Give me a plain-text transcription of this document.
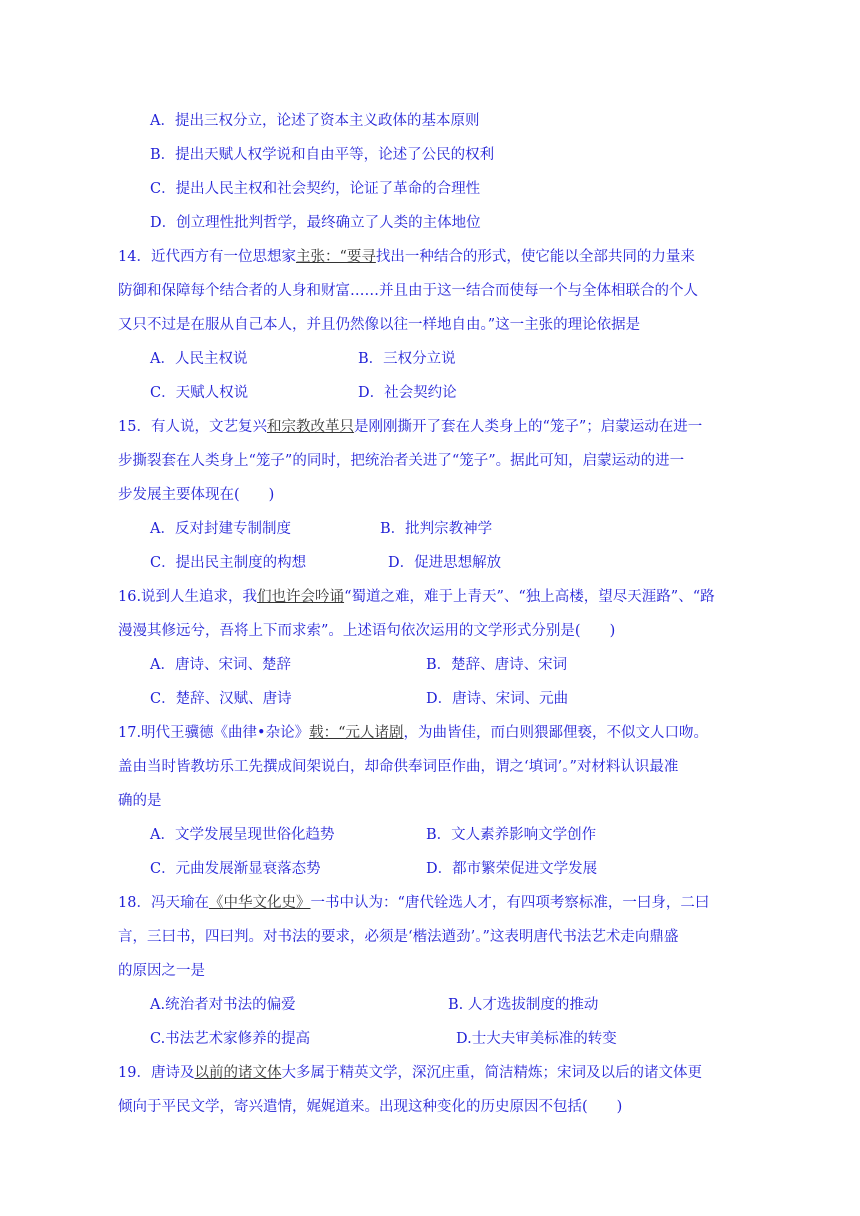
A．提出三权分立，论述了资本主义政体的基本原则
B．提出天赋人权学说和自由平等，论述了公民的权利
C．提出人民主权和社会契约，论证了革命的合理性
D．创立理性批判哲学，最终确立了人类的主体地位
14．近代西方有一位思想家主张：“要寻找出一种结合的形式，使它能以全部共同的力量来
防御和保障每个结合者的人身和财富……并且由于这一结合而使每一个与全体相联合的个人
又只不过是在服从自己本人，并且仍然像以往一样地自由。”这一主张的理论依据是
A．人民主权说	B．三权分立说
C．天赋人权说	D．社会契约论
15．有人说，文艺复兴和宗教改革只是刚刚撕开了套在人类身上的“笼子”；启蒙运动在进一
步撕裂套在人类身上“笼子”的同时，把统治者关进了“笼子”。据此可知，启蒙运动的进一
步发展主要体现在(　　)
A．反对封建专制制度	B．批判宗教神学
C．提出民主制度的构想	D．促进思想解放
16.说到人生追求，我们也许会吟诵“蜀道之难，难于上青天”、“独上高楼，望尽天涯路”、“路
漫漫其修远兮，吾将上下而求索”。上述语句依次运用的文学形式分别是(　　)
A．唐诗、宋词、楚辞	B．楚辞、唐诗、宋词
C．楚辞、汉赋、唐诗	D．唐诗、宋词、元曲
17.明代王骥德《曲律•杂论》载：“元人诸剧，为曲皆佳，而白则猥鄙俚亵，不似文人口吻。
盖由当时皆教坊乐工先撰成间架说白，却命供奉词臣作曲，谓之‘填词’。”对材料认识最准
确的是
A．文学发展呈现世俗化趋势	B．文人素养影响文学创作
C．元曲发展渐显衰落态势	D．都市繁荣促进文学发展
18．冯天瑜在《中华文化史》一书中认为：“唐代铨选人才，有四项考察标准，一曰身，二曰
言，三曰书，四曰判。对书法的要求，必须是‘楷法遒劲’。”这表明唐代书法艺术走向鼎盛
的原因之一是
A.统治者对书法的偏爱	B. 人才选拔制度的推动
C.书法艺术家修养的提高	D.士大夫审美标准的转变
19．唐诗及以前的诸文体大多属于精英文学，深沉庄重，简洁精炼；宋词及以后的诸文体更
倾向于平民文学，寄兴遣情，娓娓道来。出现这种变化的历史原因不包括(　　)
